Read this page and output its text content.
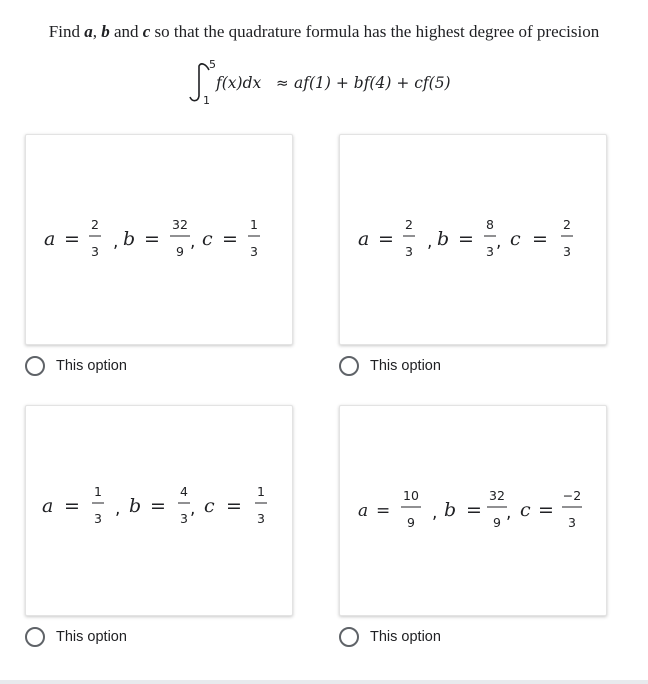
Find a, b and c so that the quadrature formula has the highest degree of precision
5
1
f(x)dx ≈ af(1) + bf(4) + cf(5)
a =
2
3 , b =
32
9 , c =
1
3
a =
2
3 , b =
8
3 , c =
2
3
a =
1
3 , b =
4
3 , c =
1
3	a =
10
9 , b =
32
9 , c =
−2
3
This option	This option
This option	This option
